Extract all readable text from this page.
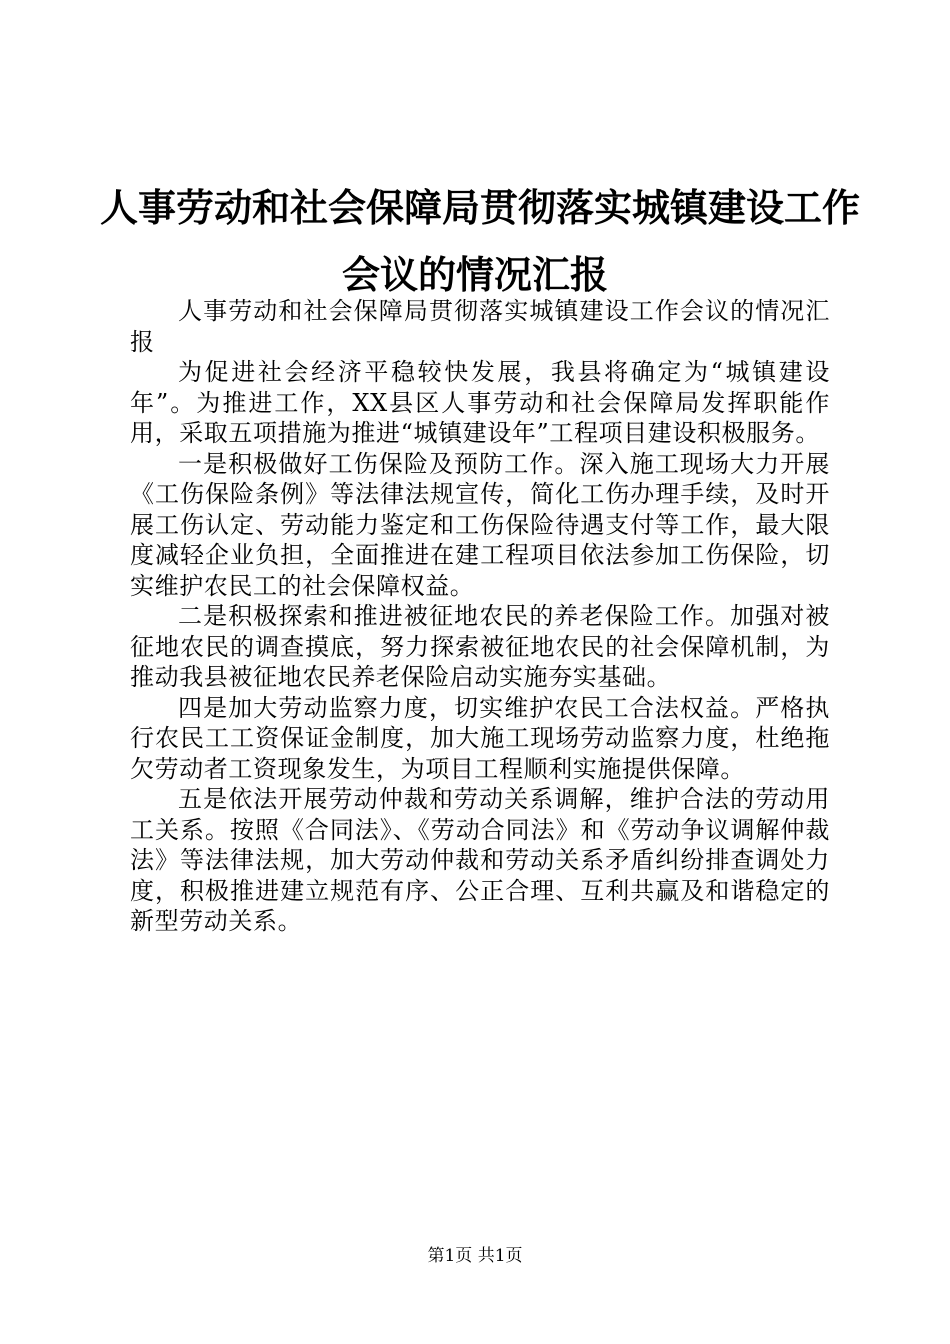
人事劳动和社会保障局贯彻落实城镇建设工作
会议的情况汇报

人事劳动和社会保障局贯彻落实城镇建设工作会议的情况汇报

为促进社会经济平稳较快发展，我县将确定为“城镇建设年”。为推进工作，XX县区人事劳动和社会保障局发挥职能作用，采取五项措施为推进“城镇建设年”工程项目建设积极服务。

一是积极做好工伤保险及预防工作。深入施工现场大力开展《工伤保险条例》等法律法规宣传，简化工伤办理手续，及时开展工伤认定、劳动能力鉴定和工伤保险待遇支付等工作，最大限度减轻企业负担，全面推进在建工程项目依法参加工伤保险，切实维护农民工的社会保障权益。

二是积极探索和推进被征地农民的养老保险工作。加强对被征地农民的调查摸底，努力探索被征地农民的社会保障机制，为推动我县被征地农民养老保险启动实施夯实基础。

四是加大劳动监察力度，切实维护农民工合法权益。严格执行农民工工资保证金制度，加大施工现场劳动监察力度，杜绝拖欠劳动者工资现象发生，为项目工程顺利实施提供保障。

五是依法开展劳动仲裁和劳动关系调解，维护合法的劳动用工关系。按照《合同法》、《劳动合同法》和《劳动争议调解仲裁法》等法律法规，加大劳动仲裁和劳动关系矛盾纠纷排查调处力度，积极推进建立规范有序、公正合理、互利共赢及和谐稳定的新型劳动关系。

第1页 共1页
